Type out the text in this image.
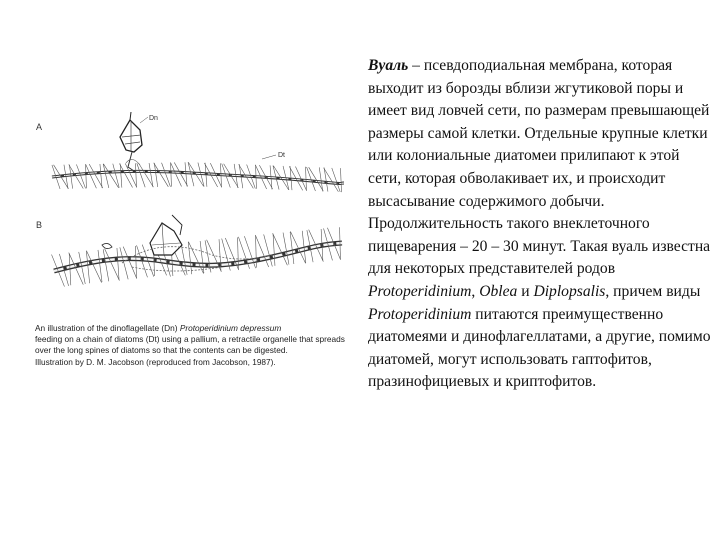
A
Dn
Dt
B
An illustration of the dinoflagellate (Dn) Protoperidinium depressum
feeding on a chain of diatoms (Dt) using a pallium, a retractile organelle that spreads over the long spines of diatoms so that the contents can be digested.
Illustration by D. M. Jacobson (reproduced from Jacobson, 1987).

Вуаль – псевдоподиальная мембрана, которая выходит из борозды вблизи жгутиковой поры и имеет вид ловчей сети, по размерам превышающей размеры самой клетки. Отдельные крупные клетки или колониальные диатомеи прилипают к этой сети, которая обволакивает их, и происходит высасывание содержимого добычи. Продолжительность такого внеклеточного пищеварения – 20 – 30 минут. Такая вуаль известна для некоторых представителей родов Protoperidinium, Oblea и Diplopsalis, причем виды Protoperidinium питаются преимущественно диатомеями и динофлагеллатами, а другие, помимо диатомей, могут использовать гаптофитов, празинофициевых и криптофитов.
